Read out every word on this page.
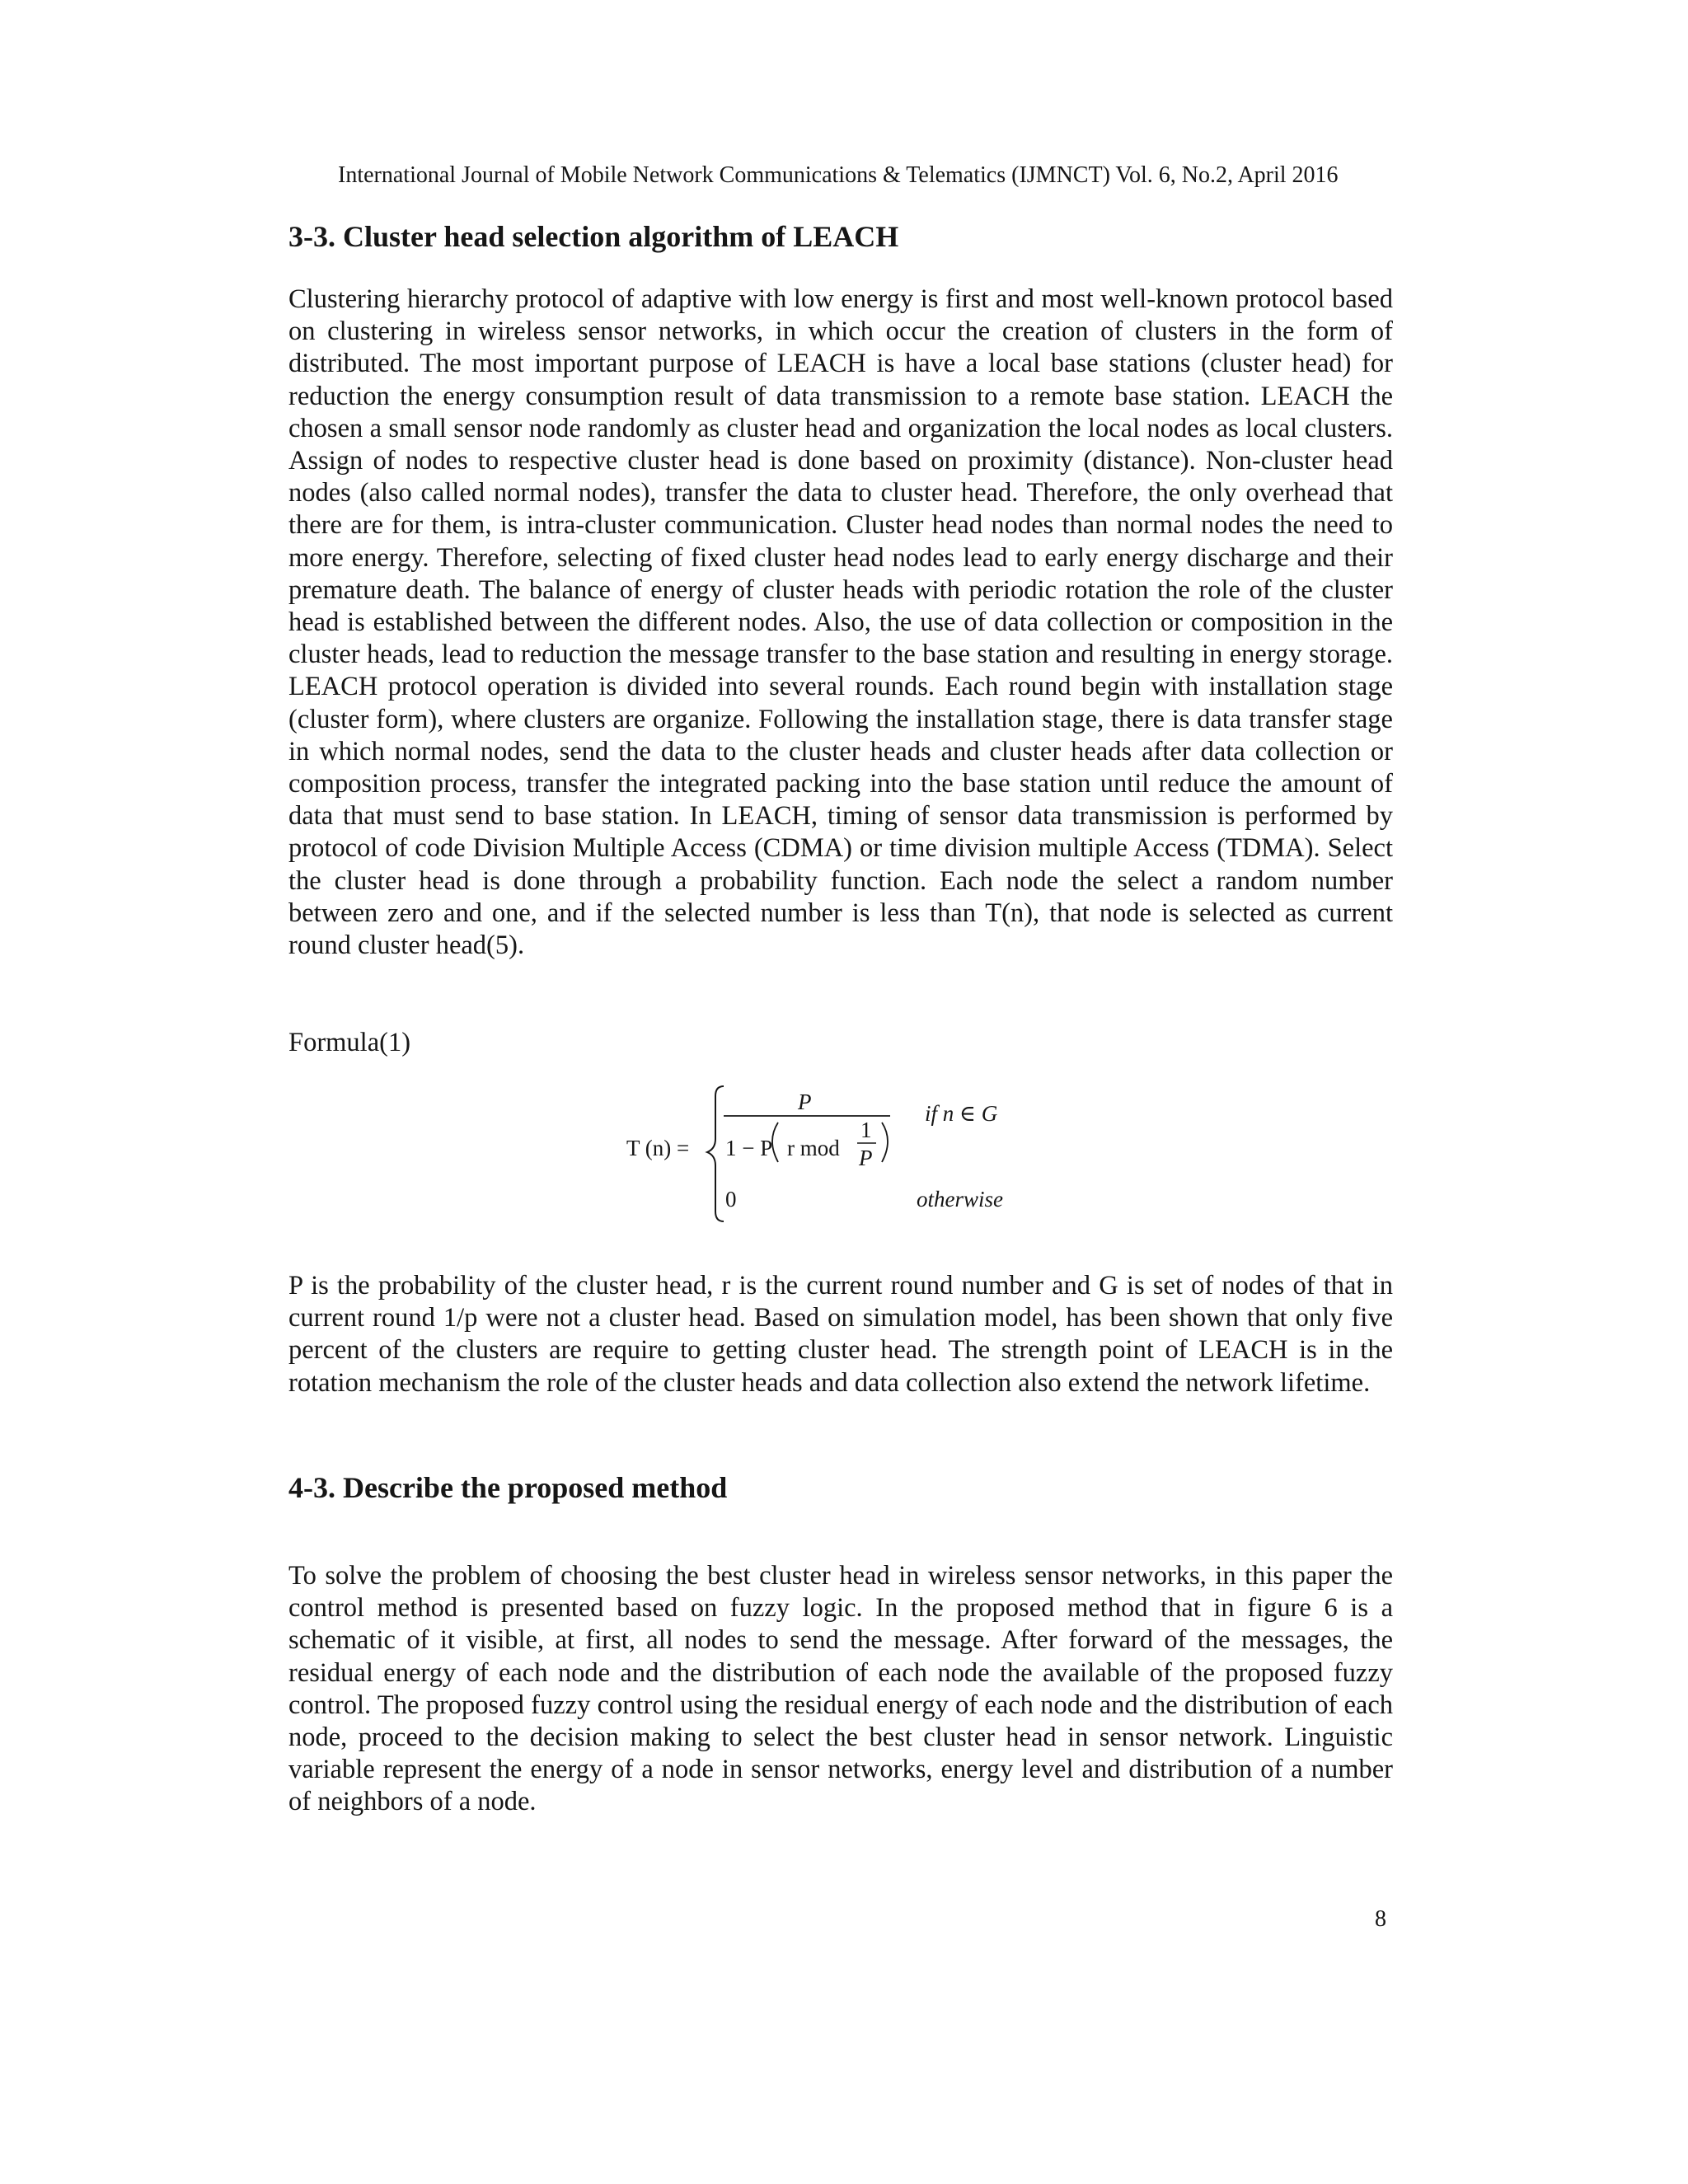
International Journal of Mobile Network Communications & Telematics (IJMNCT) Vol. 6, No.2, April 2016
3-3. Cluster head selection algorithm of LEACH

Clustering hierarchy protocol of adaptive with low energy is first and most well-known protocol based on clustering in wireless sensor networks, in which occur the creation of clusters in the form of distributed. The most important purpose of LEACH is have a local base stations (cluster head) for reduction the energy consumption result of data transmission to a remote base station. LEACH the chosen a small sensor node randomly as cluster head and organization the local nodes as local clusters. Assign of nodes to respective cluster head is done based on proximity (distance). Non-cluster head nodes (also called normal nodes), transfer the data to cluster head. Therefore, the only overhead that there are for them, is intra-cluster communication. Cluster head nodes than normal nodes the need to more energy. Therefore, selecting of fixed cluster head nodes lead to early energy discharge and their premature death. The balance of energy of cluster heads with periodic rotation the role of the cluster head is established between the different nodes. Also, the use of data collection or composition in the cluster heads, lead to reduction the message transfer to the base station and resulting in energy storage. LEACH protocol operation is divided into several rounds. Each round begin with installation stage (cluster form), where clusters are organize. Following the installation stage, there is data transfer stage in which normal nodes, send the data to the cluster heads and cluster heads after data collection or composition process, transfer the integrated packing into the base station until reduce the amount of data that must send to base station. In LEACH, timing of sensor data transmission is performed by protocol of code Division Multiple Access (CDMA) or time division multiple Access (TDMA). Select the cluster head is done through a probability function. Each node the select a random number between zero and one, and if the selected number is less than T(n), that node is selected as current round cluster head(5).

Formula(1)

T (n) =
P
1 − P r mod
1
P
if n ∈ G
0	otherwise

P is the probability of the cluster head, r is the current round number and G is set of nodes of that in current round 1/p were not a cluster head. Based on simulation model, has been shown that only five percent of the clusters are require to getting cluster head. The strength point of LEACH is in the rotation mechanism the role of the cluster heads and data collection also extend the network lifetime.

4-3. Describe the proposed method

To solve the problem of choosing the best cluster head in wireless sensor networks, in this paper the control method is presented based on fuzzy logic. In the proposed method that in figure 6 is a schematic of it visible, at first, all nodes to send the message. After forward of the messages, the residual energy of each node and the distribution of each node the available of the proposed fuzzy control. The proposed fuzzy control using the residual energy of each node and the distribution of each node, proceed to the decision making to select the best cluster head in sensor network. Linguistic variable represent the energy of a node in sensor networks, energy level and distribution of a number of neighbors of a node.

8
